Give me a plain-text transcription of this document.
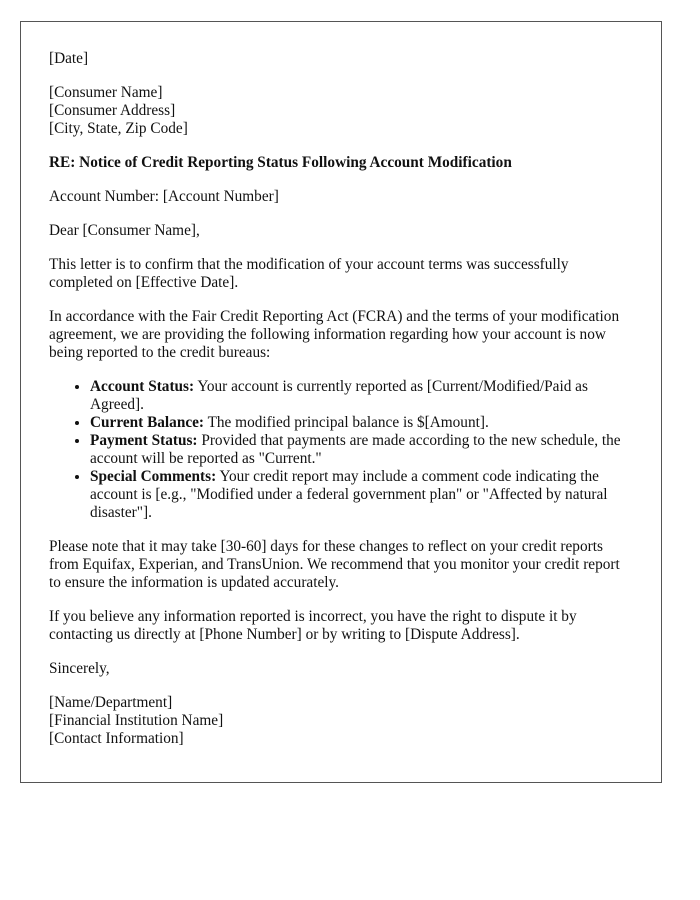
[Date]

[Consumer Name]
[Consumer Address]
[City, State, Zip Code]

RE: Notice of Credit Reporting Status Following Account Modification

Account Number: [Account Number]

Dear [Consumer Name],

This letter is to confirm that the modification of your account terms was successfully completed on [Effective Date].

In accordance with the Fair Credit Reporting Act (FCRA) and the terms of your modification agreement, we are providing the following information regarding how your account is now being reported to the credit bureaus:

• Account Status: Your account is currently reported as [Current/Modified/Paid as Agreed].
• Current Balance: The modified principal balance is $[Amount].
• Payment Status: Provided that payments are made according to the new schedule, the account will be reported as "Current."
• Special Comments: Your credit report may include a comment code indicating the account is [e.g., "Modified under a federal government plan" or "Affected by natural disaster"].

Please note that it may take [30-60] days for these changes to reflect on your credit reports from Equifax, Experian, and TransUnion. We recommend that you monitor your credit report to ensure the information is updated accurately.

If you believe any information reported is incorrect, you have the right to dispute it by contacting us directly at [Phone Number] or by writing to [Dispute Address].

Sincerely,

[Name/Department]
[Financial Institution Name]
[Contact Information]
